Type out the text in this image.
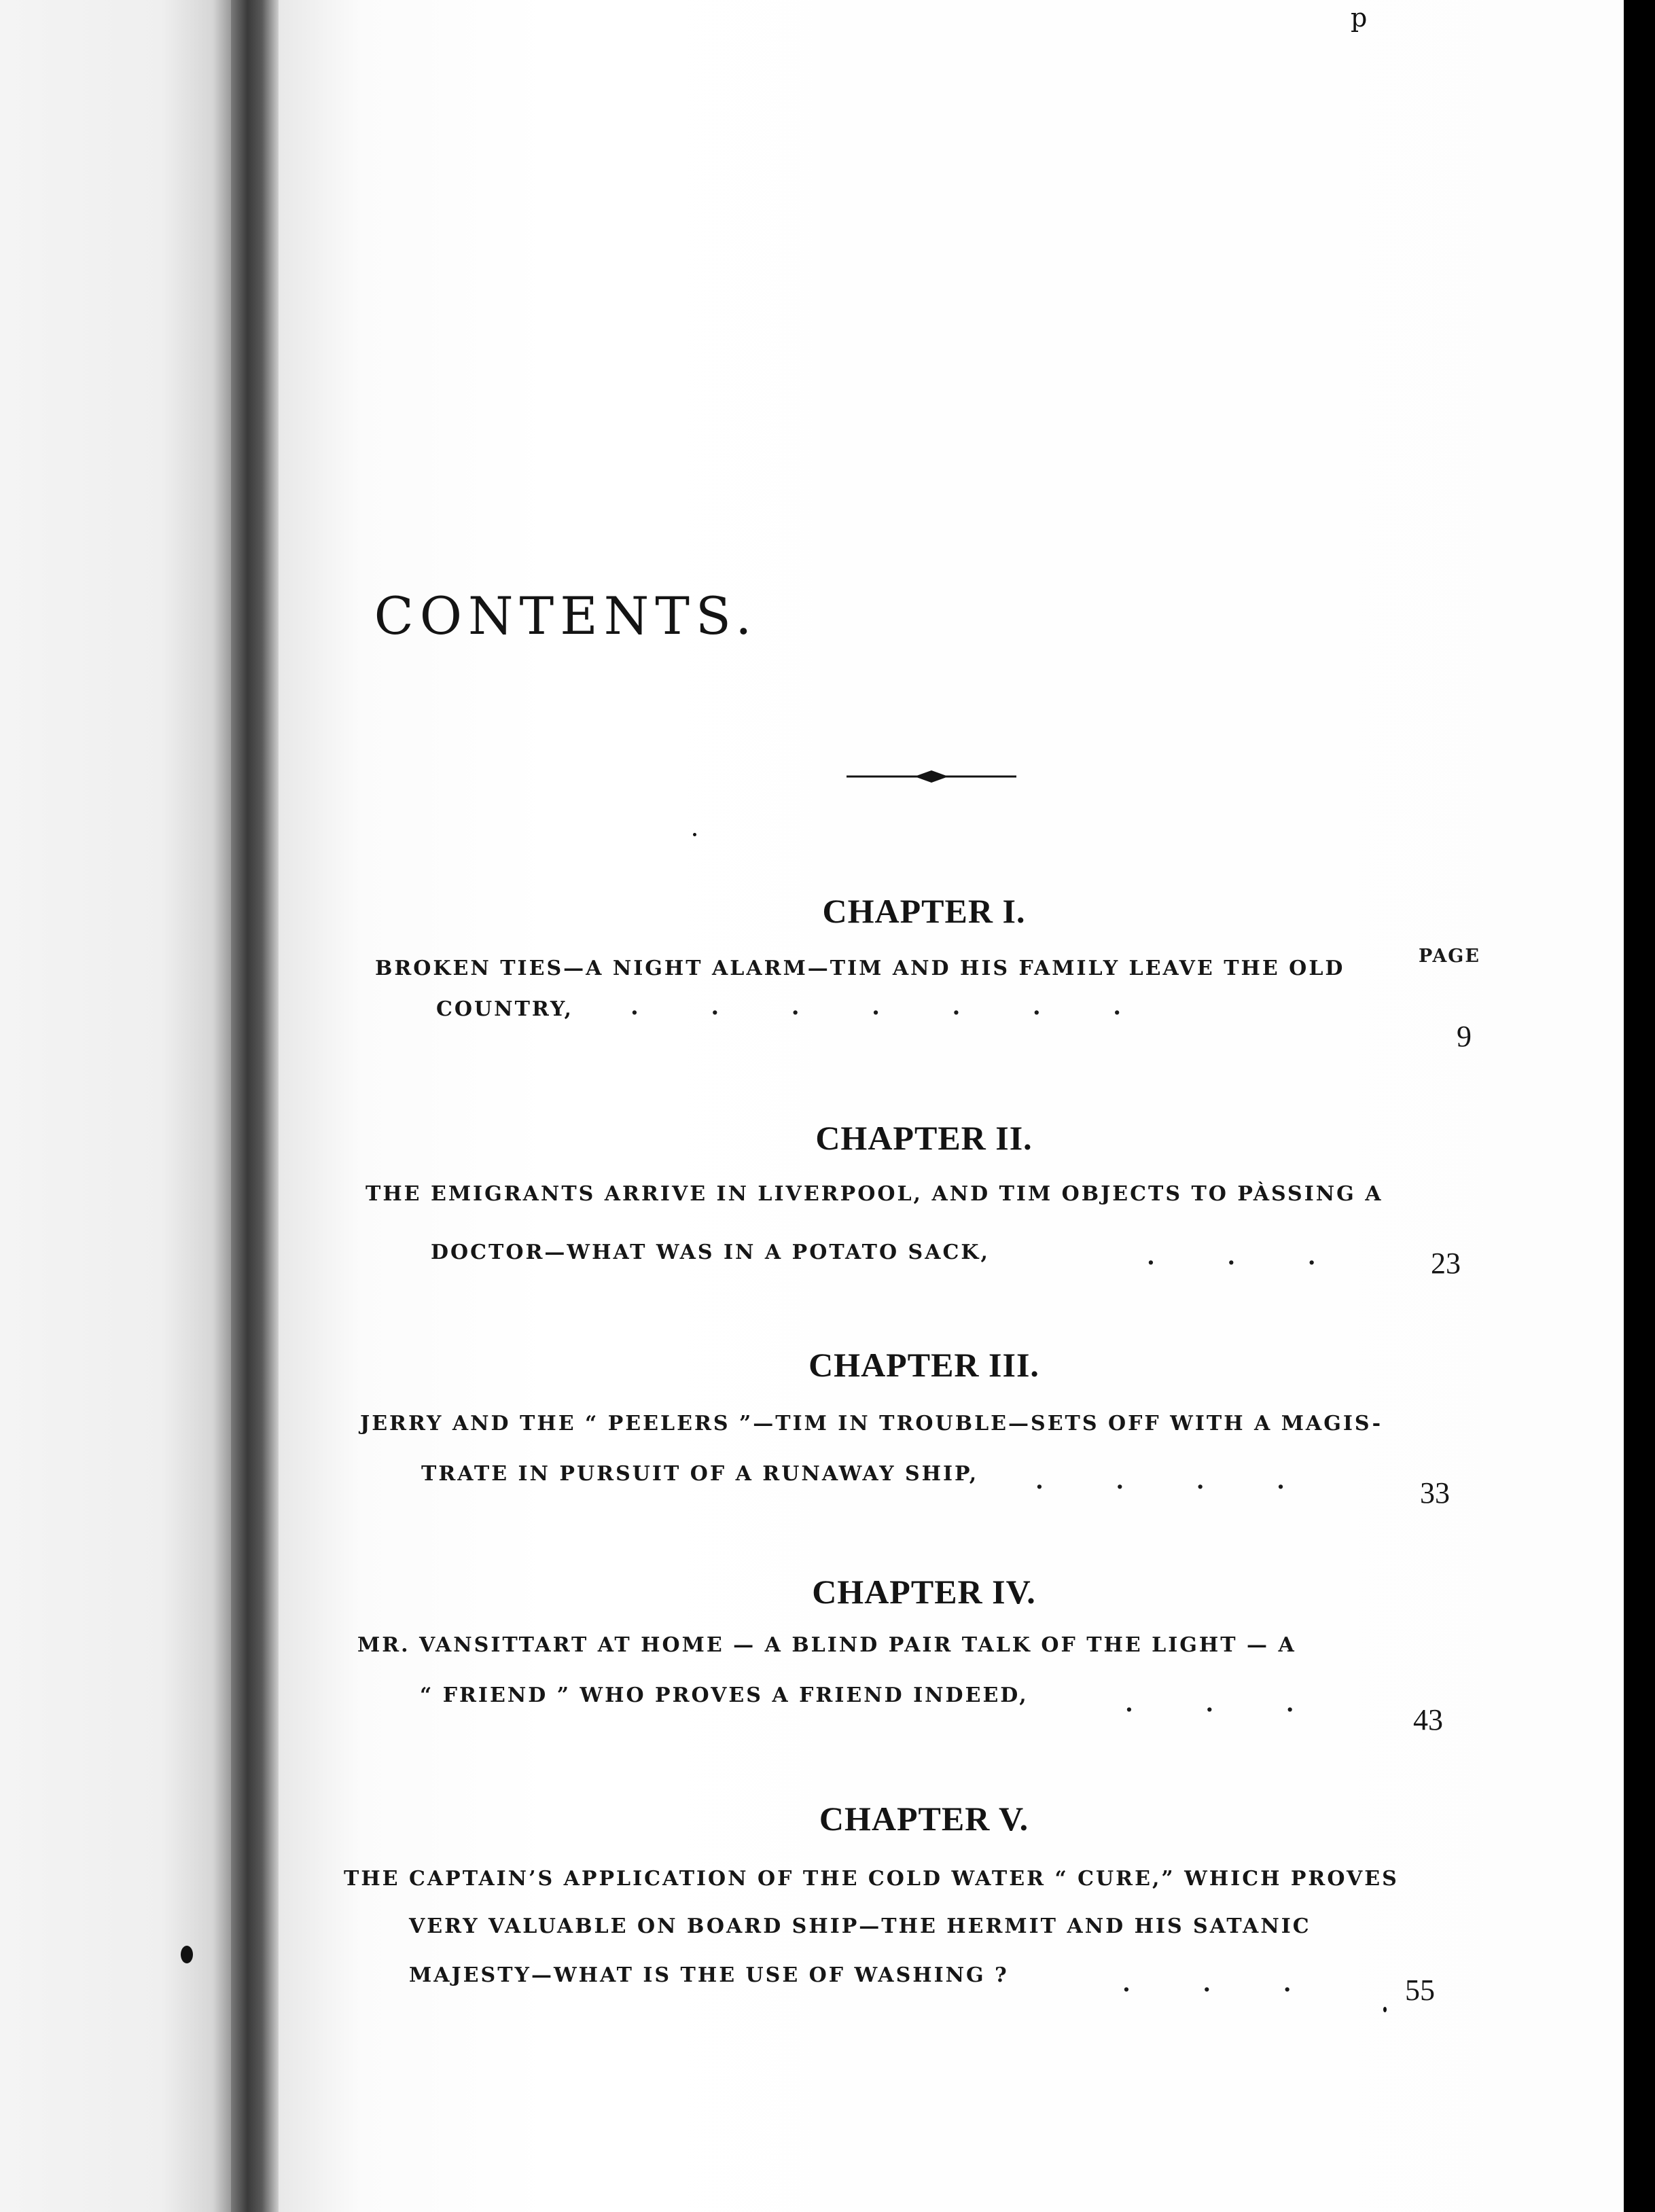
p
CONTENTS.
PAGE
CHAPTER I.
BROKEN TIES—A NIGHT ALARM—TIM AND HIS FAMILY LEAVE THE OLD
COUNTRY, .         .         .         .         .         .         .
9
CHAPTER II.
THE EMIGRANTS ARRIVE IN LIVERPOOL, AND TIM OBJECTS TO PÀSSING A
DOCTOR—WHAT WAS IN A POTATO SACK,	.         .         .	23
CHAPTER III.
JERRY AND THE “ PEELERS ”—TIM IN TROUBLE—SETS OFF WITH A MAGIS-
TRATE IN PURSUIT OF A RUNAWAY SHIP, .         .         .         .	33
CHAPTER IV.
MR. VANSITTART AT HOME — A BLIND PAIR TALK OF THE LIGHT — A
“ FRIEND ” WHO PROVES A FRIEND INDEED,	.         .         .	43
CHAPTER V.
THE CAPTAIN’S APPLICATION OF THE COLD WATER “ CURE,” WHICH PROVES
VERY VALUABLE ON BOARD SHIP—THE HERMIT AND HIS SATANIC
MAJESTY—WHAT IS THE USE OF WASHING ?	.         .         .	55
